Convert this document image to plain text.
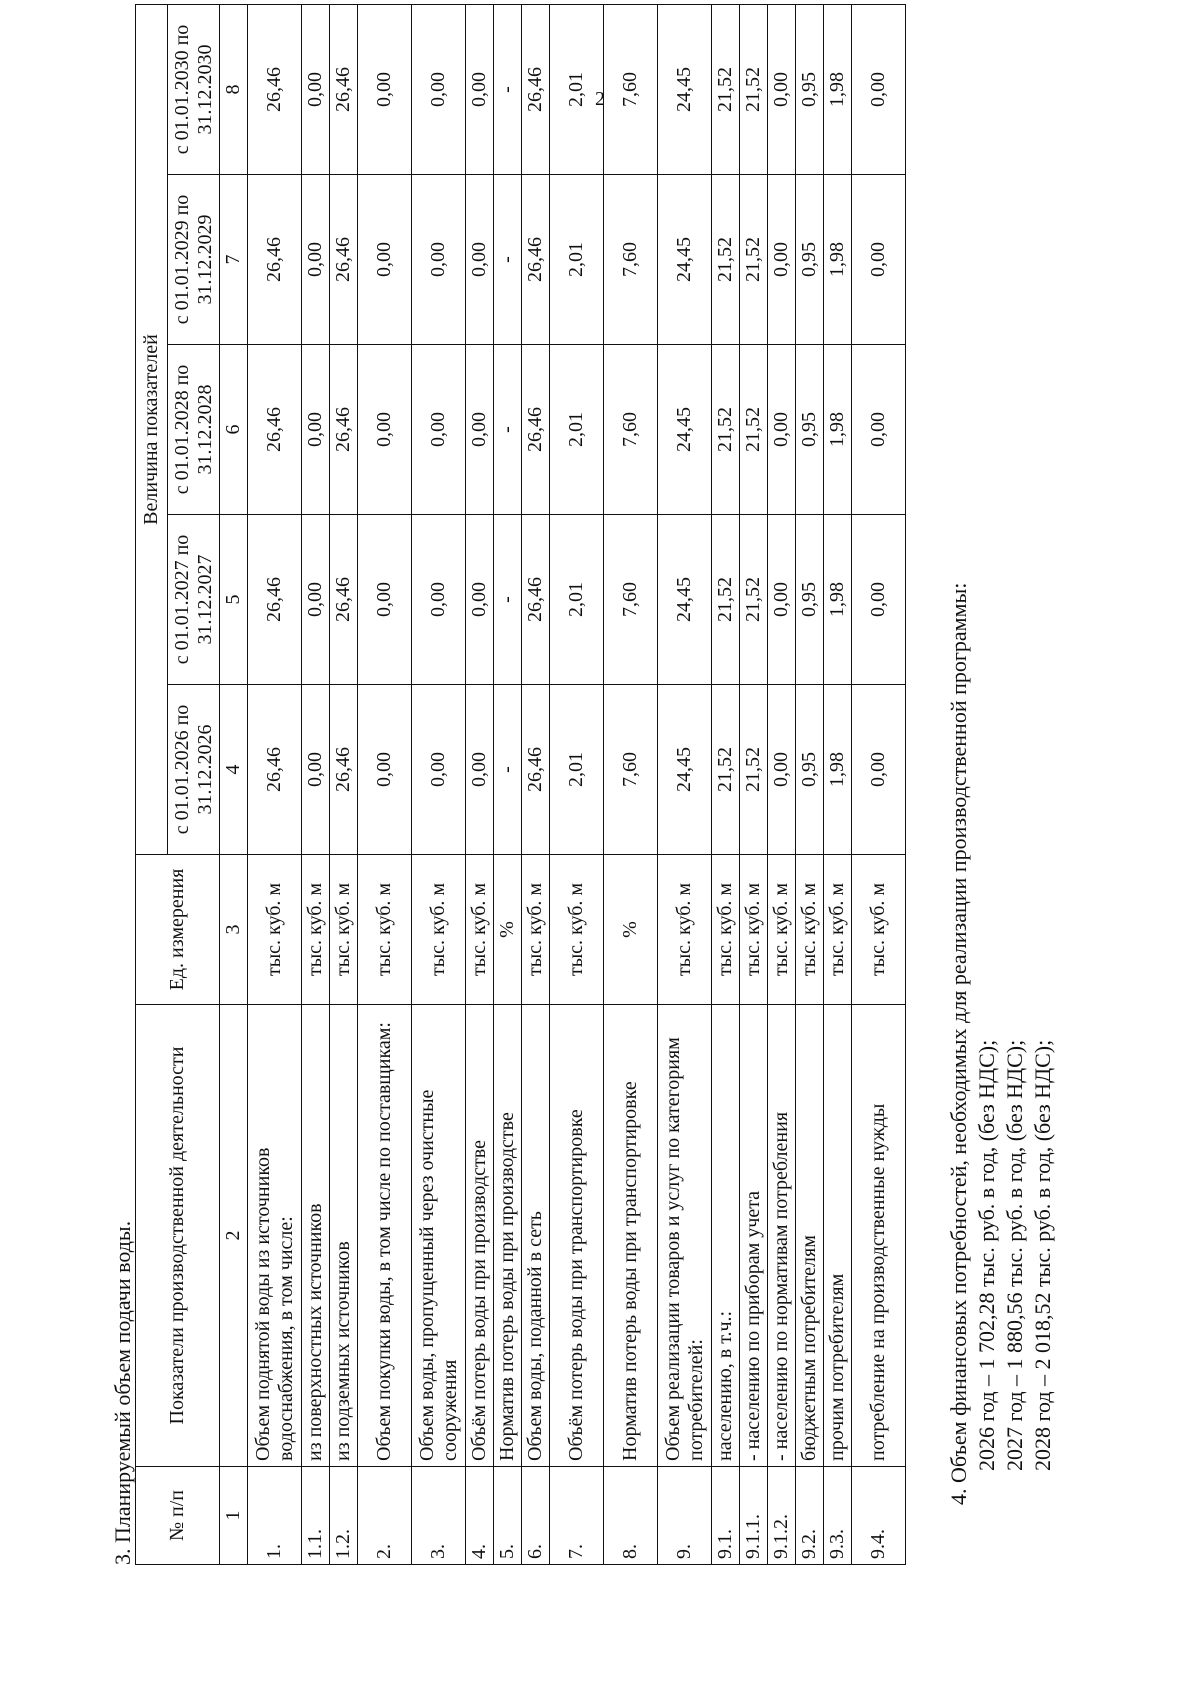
2
3. Планируемый объем подачи воды. № п/п	Показатели производственной деятельности	Ед. измерения	Величина показателей				
			с 01.01.2026 по 31.12.2026	с 01.01.2027 по 31.12.2027	с 01.01.2028 по 31.12.2028	с 01.01.2029 по 31.12.2029	с 01.01.2030 по 31.12.2030
1	2	3	4	5	6	7	8
1.	Объем поднятой воды из источников водоснабжения, в том числе:	тыс. куб. м	26,46	26,46	26,46	26,46	26,46
1.1.	из поверхностных источников	тыс. куб. м	0,00	0,00	0,00	0,00	0,00
1.2.	из подземных источников	тыс. куб. м	26,46	26,46	26,46	26,46	26,46
2.	Объем покупки воды, в том числе по поставщикам:	тыс. куб. м	0,00	0,00	0,00	0,00	0,00
3.	Объем воды, пропущенный через очистные сооружения	тыс. куб. м	0,00	0,00	0,00	0,00	0,00
4.	Объём потерь воды при производстве	тыс. куб. м	0,00	0,00	0,00	0,00	0,00
5.	Норматив потерь воды при производстве	%	-	-	-	-	-
6.	Объем воды, поданной в сеть	тыс. куб. м	26,46	26,46	26,46	26,46	26,46
7.	Объём потерь воды при транспортировке	тыс. куб. м	2,01	2,01	2,01	2,01	2,01
8.	Норматив потерь воды при транспортировке	%	7,60	7,60	7,60	7,60	7,60
9.	Объем реализации товаров и услуг по категориям потребителей:	тыс. куб. м	24,45	24,45	24,45	24,45	24,45
9.1.	населению, в т.ч.:	тыс. куб. м	21,52	21,52	21,52	21,52	21,52
9.1.1.	- населению по приборам учета	тыс. куб. м	21,52	21,52	21,52	21,52	21,52
9.1.2.	- населению по нормативам потребления	тыс. куб. м	0,00	0,00	0,00	0,00	0,00
9.2.	бюджетным потребителям	тыс. куб. м	0,95	0,95	0,95	0,95	0,95
9.3.	прочим потребителям	тыс. куб. м	1,98	1,98	1,98	1,98	1,98
9.4.	потребление на производственные нужды	тыс. куб. м	0,00	0,00	0,00	0,00	0,00
4. Объем финансовых потребностей, необходимых для реализации производственной программы: 2026 год – 1 702,28 тыс. руб. в год, (без НДС); 2027 год – 1 880,56 тыс. руб. в год, (без НДС); 2028 год – 2 018,52 тыс. руб. в год, (без НДС);
